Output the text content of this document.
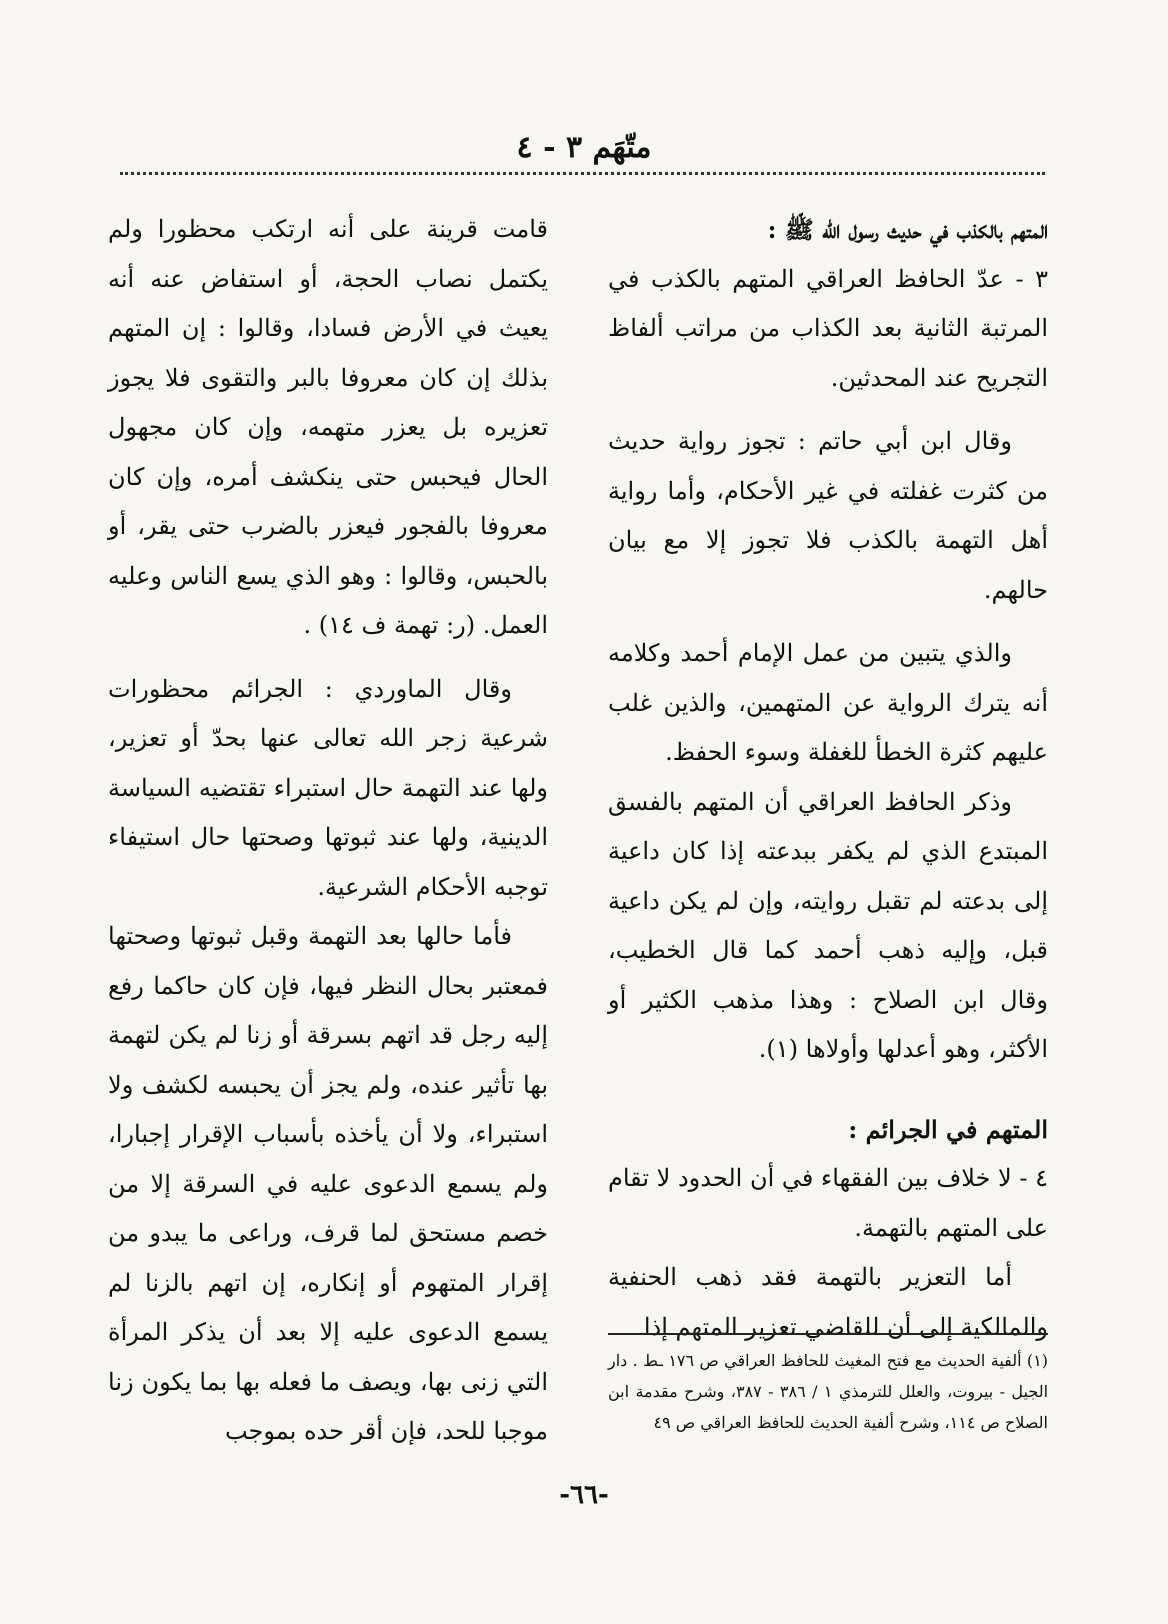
متّهَم ٣ - ٤

المتهم بالكذب في حديث رسول الله ﷺ :

٣ - عدّ الحافظ العراقي المتهم بالكذب في المرتبة الثانية بعد الكذاب من مراتب ألفاظ التجريح عند المحدثين.

وقال ابن أبي حاتم : تجوز رواية حديث من كثرت غفلته في غير الأحكام، وأما رواية أهل التهمة بالكذب فلا تجوز إلا مع بيان حالهم.

والذي يتبين من عمل الإمام أحمد وكلامه أنه يترك الرواية عن المتهمين، والذين غلب عليهم كثرة الخطأ للغفلة وسوء الحفظ.

وذكر الحافظ العراقي أن المتهم بالفسق المبتدع الذي لم يكفر ببدعته إذا كان داعية إلى بدعته لم تقبل روايته، وإن لم يكن داعية قبل، وإليه ذهب أحمد كما قال الخطيب، وقال ابن الصلاح : وهذا مذهب الكثير أو الأكثر، وهو أعدلها وأولاها (١).

المتهم في الجرائم :

٤ - لا خلاف بين الفقهاء في أن الحدود لا تقام على المتهم بالتهمة.

أما التعزير بالتهمة فقد ذهب الحنفية والمالكية إلى أن للقاضي تعزير المتهم إذا

قامت قرينة على أنه ارتكب محظورا ولم يكتمل نصاب الحجة، أو استفاض عنه أنه يعيث في الأرض فسادا، وقالوا : إن المتهم بذلك إن كان معروفا بالبر والتقوى فلا يجوز تعزيره بل يعزر متهمه، وإن كان مجهول الحال فيحبس حتى ينكشف أمره، وإن كان معروفا بالفجور فيعزر بالضرب حتى يقر، أو بالحبس، وقالوا : وهو الذي يسع الناس وعليه العمل. (ر: تهمة ف ١٤) .

وقال الماوردي : الجرائم محظورات شرعية زجر الله تعالى عنها بحدّ أو تعزير، ولها عند التهمة حال استبراء تقتضيه السياسة الدينية، ولها عند ثبوتها وصحتها حال استيفاء توجبه الأحكام الشرعية.

فأما حالها بعد التهمة وقبل ثبوتها وصحتها فمعتبر بحال النظر فيها، فإن كان حاكما رفع إليه رجل قد اتهم بسرقة أو زنا لم يكن لتهمة بها تأثير عنده، ولم يجز أن يحبسه لكشف ولا استبراء، ولا أن يأخذه بأسباب الإقرار إجبارا، ولم يسمع الدعوى عليه في السرقة إلا من خصم مستحق لما قرف، وراعى ما يبدو من إقرار المتهوم أو إنكاره، إن اتهم بالزنا لم يسمع الدعوى عليه إلا بعد أن يذكر المرأة التي زنى بها، ويصف ما فعله بها بما يكون زنا موجبا للحد، فإن أقر حده بموجب

(١) ألفية الحديث مع فتح المغيث للحافظ العراقي ص ١٧٦ ـط . دار الجيل - بيروت، والعلل للترمذي ١ / ٣٨٦ - ٣٨٧، وشرح مقدمة ابن الصلاح ص ١١٤، وشرح ألفية الحديث للحافظ العراقي ص ٤٩

-٦٦-
